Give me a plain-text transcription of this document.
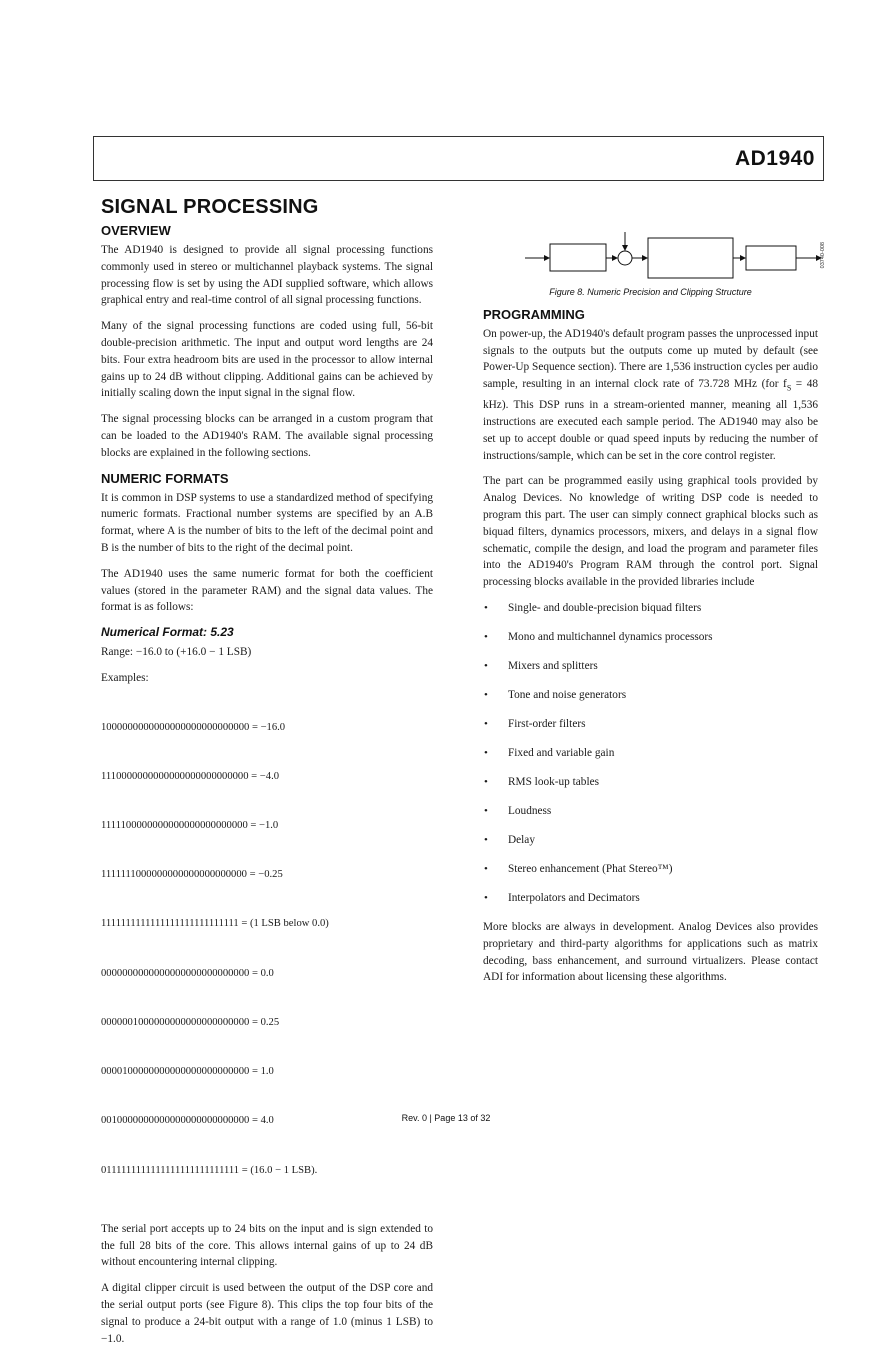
AD1940
SIGNAL PROCESSING
OVERVIEW

The AD1940 is designed to provide all signal processing functions commonly used in stereo or multichannel playback systems. The signal processing flow is set by using the ADI supplied software, which allows graphical entry and real-time control of all signal processing functions.

Many of the signal processing functions are coded using full, 56-bit double-precision arithmetic. The input and output word lengths are 24 bits. Four extra headroom bits are used in the processor to allow internal gains up to 24 dB without clipping. Additional gains can be achieved by initially scaling down the input signal in the signal flow.

The signal processing blocks can be arranged in a custom program that can be loaded to the AD1940's RAM. The available signal processing blocks are explained in the following sections.

NUMERIC FORMATS

It is common in DSP systems to use a standardized method of specifying numeric formats. Fractional number systems are specified by an A.B format, where A is the number of bits to the left of the decimal point and B is the number of bits to the right of the decimal point.

The AD1940 uses the same numeric format for both the coefficient values (stored in the parameter RAM) and the signal data values. The format is as follows:

Numerical Format: 5.23

Range: −16.0 to (+16.0 − 1 LSB)

Examples:

1000000000000000000000000000 = −16.0

1110000000000000000000000000 = −4.0

1111100000000000000000000000 = −1.0

1111111000000000000000000000 = −0.25

1111111111111111111111111111 = (1 LSB below 0.0)

0000000000000000000000000000 = 0.0

0000001000000000000000000000 = 0.25

0000100000000000000000000000 = 1.0

0010000000000000000000000000 = 4.0

0111111111111111111111111111 = (16.0 − 1 LSB).

The serial port accepts up to 24 bits on the input and is sign extended to the full 28 bits of the core. This allows internal gains of up to 24 dB without encountering internal clipping.

A digital clipper circuit is used between the output of the DSP core and the serial output ports (see Figure 8). This clips the top four bits of the signal to produce a 24-bit output with a range of 1.0 (minus 1 LSB) to −1.0.

03740-008

Figure 8. Numeric Precision and Clipping Structure

PROGRAMMING

On power-up, the AD1940's default program passes the unprocessed input signals to the outputs but the outputs come up muted by default (see Power-Up Sequence section). There are 1,536 instruction cycles per audio sample, resulting in an internal clock rate of 73.728 MHz (for $f_S = 48$ kHz). This DSP runs in a stream-oriented manner, meaning all 1,536 instructions are executed each sample period. The AD1940 may also be set up to accept double or quad speed inputs by reducing the number of instructions/sample, which can be set in the core control register.

The part can be programmed easily using graphical tools provided by Analog Devices. No knowledge of writing DSP code is needed to program this part. The user can simply connect graphical blocks such as biquad filters, dynamics processors, mixers, and delays in a signal flow schematic, compile the design, and load the program and parameter files into the AD1940's Program RAM through the control port. Signal processing blocks available in the provided libraries include

• Single- and double-precision biquad filters
• Mono and multichannel dynamics processors
• Mixers and splitters
• Tone and noise generators
• First-order filters
• Fixed and variable gain
• RMS look-up tables
• Loudness
• Delay
• Stereo enhancement (Phat Stereo™)
• Interpolators and Decimators

More blocks are always in development. Analog Devices also provides proprietary and third-party algorithms for applications such as matrix decoding, bass enhancement, and surround virtualizers. Please contact ADI for information about licensing these algorithms.

Rev. 0 | Page 13 of 32
